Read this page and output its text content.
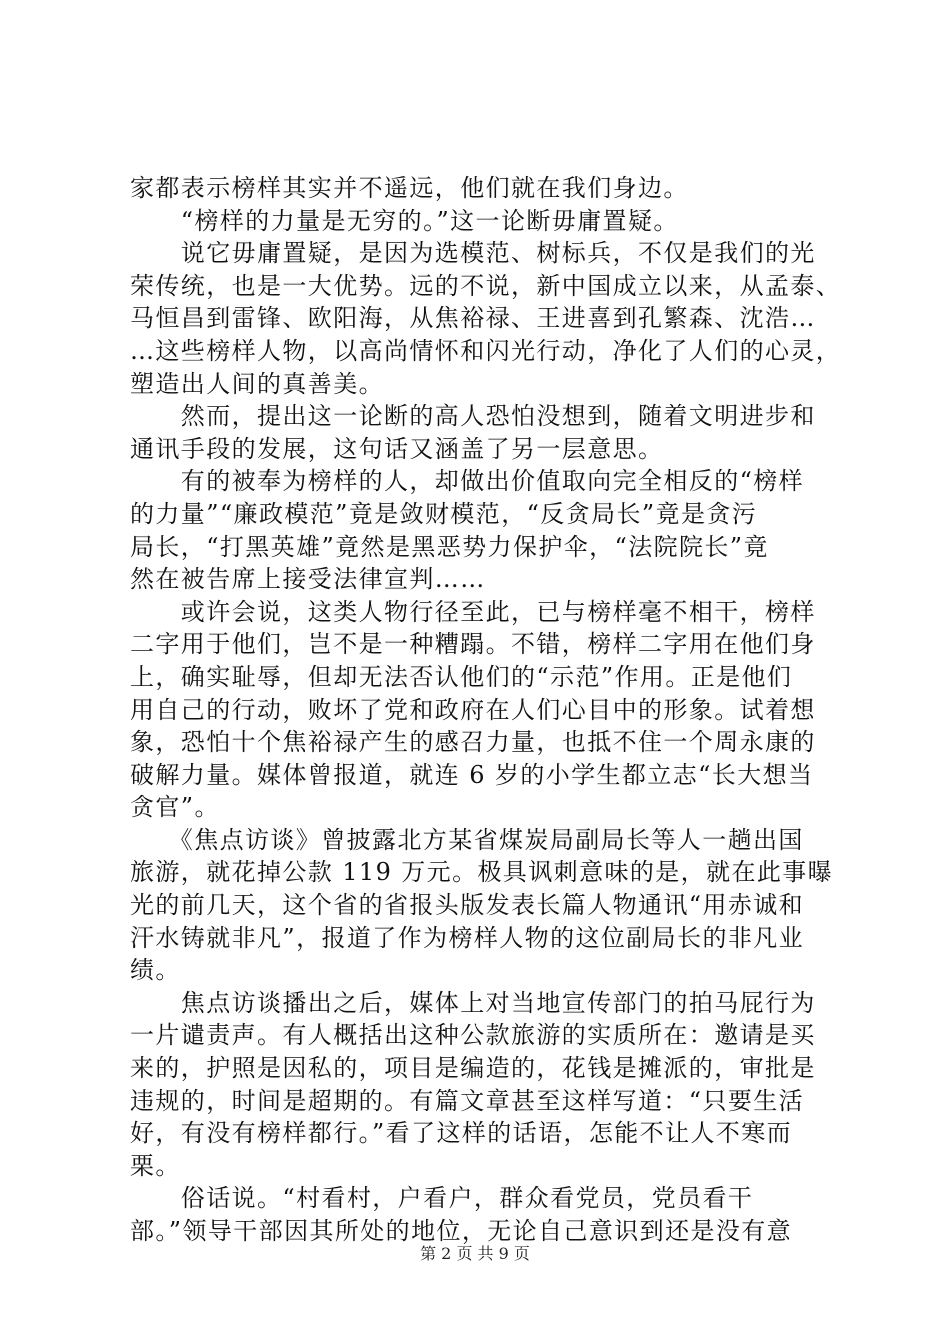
家都表示榜样其实并不遥远，他们就在我们身边。
　　“榜样的力量是无穷的。”这一论断毋庸置疑。
　　说它毋庸置疑，是因为选模范、树标兵，不仅是我们的光
荣传统，也是一大优势。远的不说，新中国成立以来，从孟泰、
马恒昌到雷锋、欧阳海，从焦裕禄、王进喜到孔繁森、沈浩…
…这些榜样人物，以高尚情怀和闪光行动，净化了人们的心灵，
塑造出人间的真善美。
　　然而，提出这一论断的高人恐怕没想到，随着文明进步和
通讯手段的发展，这句话又涵盖了另一层意思。
　　有的被奉为榜样的人，却做出价值取向完全相反的“榜样
的力量”“廉政模范”竟是敛财模范，“反贪局长”竟是贪污
局长，“打黑英雄”竟然是黑恶势力保护伞，“法院院长”竟
然在被告席上接受法律宣判……
　　或许会说，这类人物行径至此，已与榜样毫不相干，榜样
二字用于他们，岂不是一种糟蹋。不错，榜样二字用在他们身
上，确实耻辱，但却无法否认他们的“示范”作用。正是他们
用自己的行动，败坏了党和政府在人们心目中的形象。试着想
象，恐怕十个焦裕禄产生的感召力量，也抵不住一个周永康的
破解力量。媒体曾报道，就连 6 岁的小学生都立志“长大想当
贪官”。
　　《焦点访谈》曾披露北方某省煤炭局副局长等人一趟出国
旅游，就花掉公款 119 万元。极具讽刺意味的是，就在此事曝
光的前几天，这个省的省报头版发表长篇人物通讯“用赤诚和
汗水铸就非凡”，报道了作为榜样人物的这位副局长的非凡业
绩。
　　焦点访谈播出之后，媒体上对当地宣传部门的拍马屁行为
一片谴责声。有人概括出这种公款旅游的实质所在：邀请是买
来的，护照是因私的，项目是编造的，花钱是摊派的，审批是
违规的，时间是超期的。有篇文章甚至这样写道：“只要生活
好，有没有榜样都行。”看了这样的话语，怎能不让人不寒而
栗。
　　俗话说。“村看村，户看户，群众看党员，党员看干
部。”领导干部因其所处的地位，无论自己意识到还是没有意
第 2 页 共 9 页
